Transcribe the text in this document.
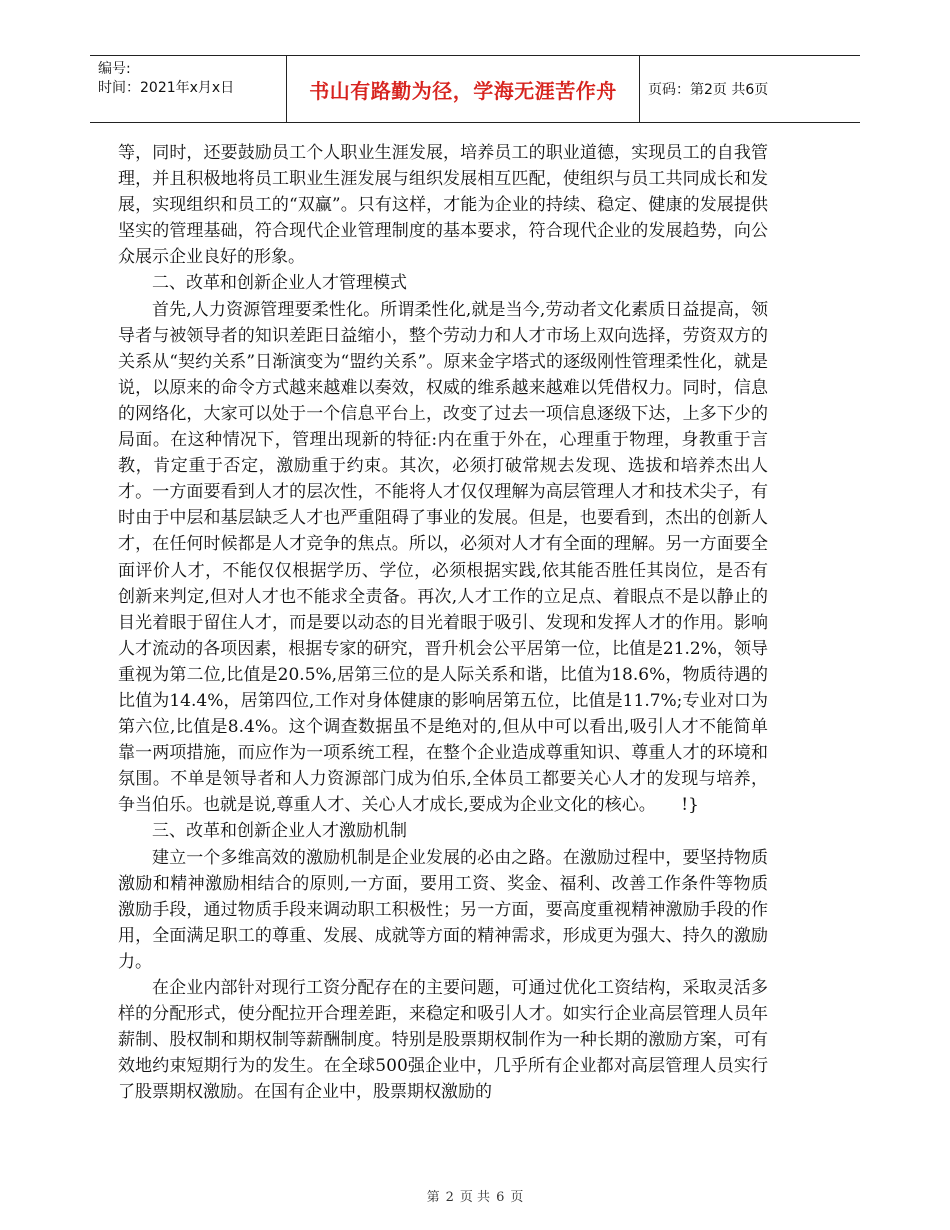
编号:
时间：2021年x月x日	书山有路勤为径，学海无涯苦作舟	页码：第2页 共6页

等，同时，还要鼓励员工个人职业生涯发展，培养员工的职业道德，实现员工的自我管理，并且积极地将员工职业生涯发展与组织发展相互匹配，使组织与员工共同成长和发展，实现组织和员工的“双赢”。只有这样，才能为企业的持续、稳定、健康的发展提供坚实的管理基础，符合现代企业管理制度的基本要求，符合现代企业的发展趋势，向公众展示企业良好的形象。

二、改革和创新企业人才管理模式

首先,人力资源管理要柔性化。所谓柔性化,就是当今,劳动者文化素质日益提高，领导者与被领导者的知识差距日益缩小，整个劳动力和人才市场上双向选择，劳资双方的关系从“契约关系”日渐演变为“盟约关系”。原来金字塔式的逐级刚性管理柔性化，就是说，以原来的命令方式越来越难以奏效，权威的维系越来越难以凭借权力。同时，信息的网络化，大家可以处于一个信息平台上，改变了过去一项信息逐级下达，上多下少的局面。在这种情况下，管理出现新的特征:内在重于外在，心理重于物理，身教重于言教，肯定重于否定，激励重于约束。其次，必须打破常规去发现、选拔和培养杰出人才。一方面要看到人才的层次性，不能将人才仅仅理解为高层管理人才和技术尖子，有时由于中层和基层缺乏人才也严重阻碍了事业的发展。但是，也要看到，杰出的创新人才，在任何时候都是人才竞争的焦点。所以，必须对人才有全面的理解。另一方面要全面评价人才，不能仅仅根据学历、学位，必须根据实践,依其能否胜任其岗位，是否有创新来判定,但对人才也不能求全责备。再次,人才工作的立足点、着眼点不是以静止的目光着眼于留住人才，而是要以动态的目光着眼于吸引、发现和发挥人才的作用。影响人才流动的各项因素，根据专家的研究，晋升机会公平居第一位，比值是21.2%，领导重视为第二位,比值是20.5%,居第三位的是人际关系和谐，比值为18.6%，物质待遇的比值为14.4%，居第四位,工作对身体健康的影响居第五位，比值是11.7%;专业对口为第六位,比值是8.4%。这个调查数据虽不是绝对的,但从中可以看出,吸引人才不能简单靠一两项措施，而应作为一项系统工程，在整个企业造成尊重知识、尊重人才的环境和氛围。不单是领导者和人力资源部门成为伯乐,全体员工都要关心人才的发现与培养，争当伯乐。也就是说,尊重人才、关心人才成长,要成为企业文化的核心。　　!}

三、改革和创新企业人才激励机制

建立一个多维高效的激励机制是企业发展的必由之路。在激励过程中，要坚持物质激励和精神激励相结合的原则,一方面，要用工资、奖金、福利、改善工作条件等物质激励手段，通过物质手段来调动职工积极性；另一方面，要高度重视精神激励手段的作用，全面满足职工的尊重、发展、成就等方面的精神需求，形成更为强大、持久的激励力。

在企业内部针对现行工资分配存在的主要问题，可通过优化工资结构，采取灵活多样的分配形式，使分配拉开合理差距，来稳定和吸引人才。如实行企业高层管理人员年薪制、股权制和期权制等薪酬制度。特别是股票期权制作为一种长期的激励方案，可有效地约束短期行为的发生。在全球500强企业中，几乎所有企业都对高层管理人员实行了股票期权激励。在国有企业中，股票期权激励的

第 2 页 共 6 页
